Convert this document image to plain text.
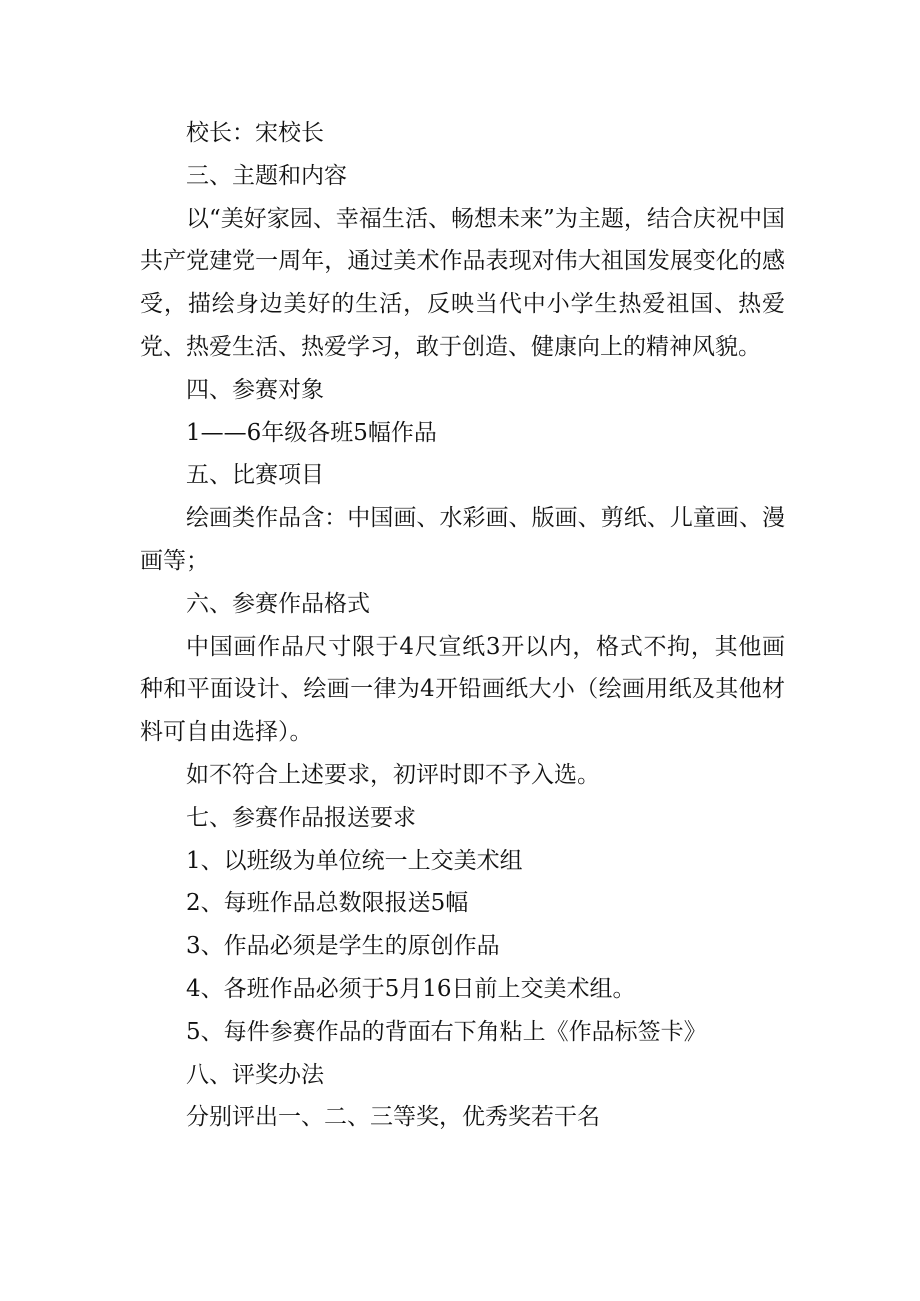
校长：宋校长

三、主题和内容

以“美好家园、幸福生活、畅想未来”为主题，结合庆祝中国共产党建党一周年，通过美术作品表现对伟大祖国发展变化的感受，描绘身边美好的生活，反映当代中小学生热爱祖国、热爱党、热爱生活、热爱学习，敢于创造、健康向上的精神风貌。

四、参赛对象

1——6年级各班5幅作品

五、比赛项目

绘画类作品含：中国画、水彩画、版画、剪纸、儿童画、漫画等；

六、参赛作品格式

中国画作品尺寸限于4尺宣纸3开以内，格式不拘，其他画种和平面设计、绘画一律为4开铅画纸大小（绘画用纸及其他材料可自由选择）。

如不符合上述要求，初评时即不予入选。

七、参赛作品报送要求

1、以班级为单位统一上交美术组

2、每班作品总数限报送5幅

3、作品必须是学生的原创作品

4、各班作品必须于5月16日前上交美术组。

5、每件参赛作品的背面右下角粘上《作品标签卡》

八、评奖办法

分别评出一、二、三等奖，优秀奖若干名
